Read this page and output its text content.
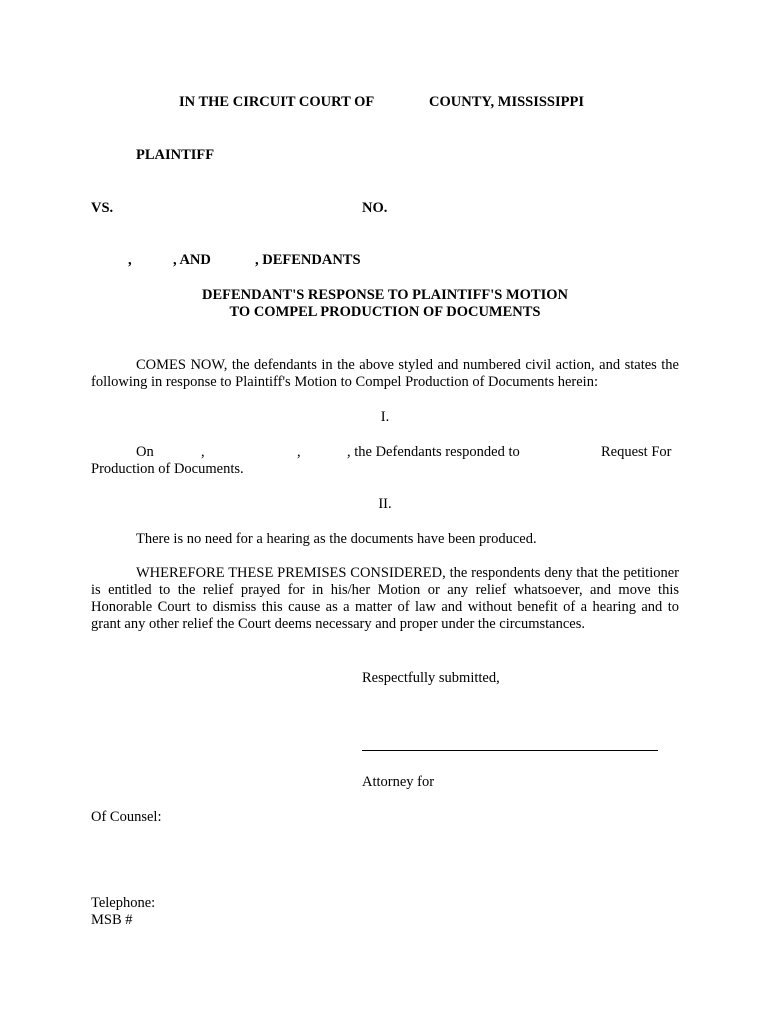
IN THE CIRCUIT COURT OF	COUNTY, MISSISSIPPI
PLAINTIFF
VS.	NO.
,	, AND	, DEFENDANTS
DEFENDANT'S RESPONSE TO PLAINTIFF'S MOTION
TO COMPEL PRODUCTION OF DOCUMENTS
COMES NOW, the defendants in the above styled and numbered civil action, and states the following in response to Plaintiff's Motion to Compel Production of Documents herein:
I.
On	,	,	, the Defendants responded to	Request For
Production of Documents.
II.
There is no need for a hearing as the documents have been produced.
WHEREFORE THESE PREMISES CONSIDERED, the respondents deny that the petitioner is entitled to the relief prayed for in his/her Motion or any relief whatsoever, and move this Honorable Court to dismiss this cause as a matter of law and without benefit of a hearing and to grant any other relief the Court deems necessary and proper under the circumstances.
Respectfully submitted,
Attorney for
Of Counsel:
Telephone:
MSB #
